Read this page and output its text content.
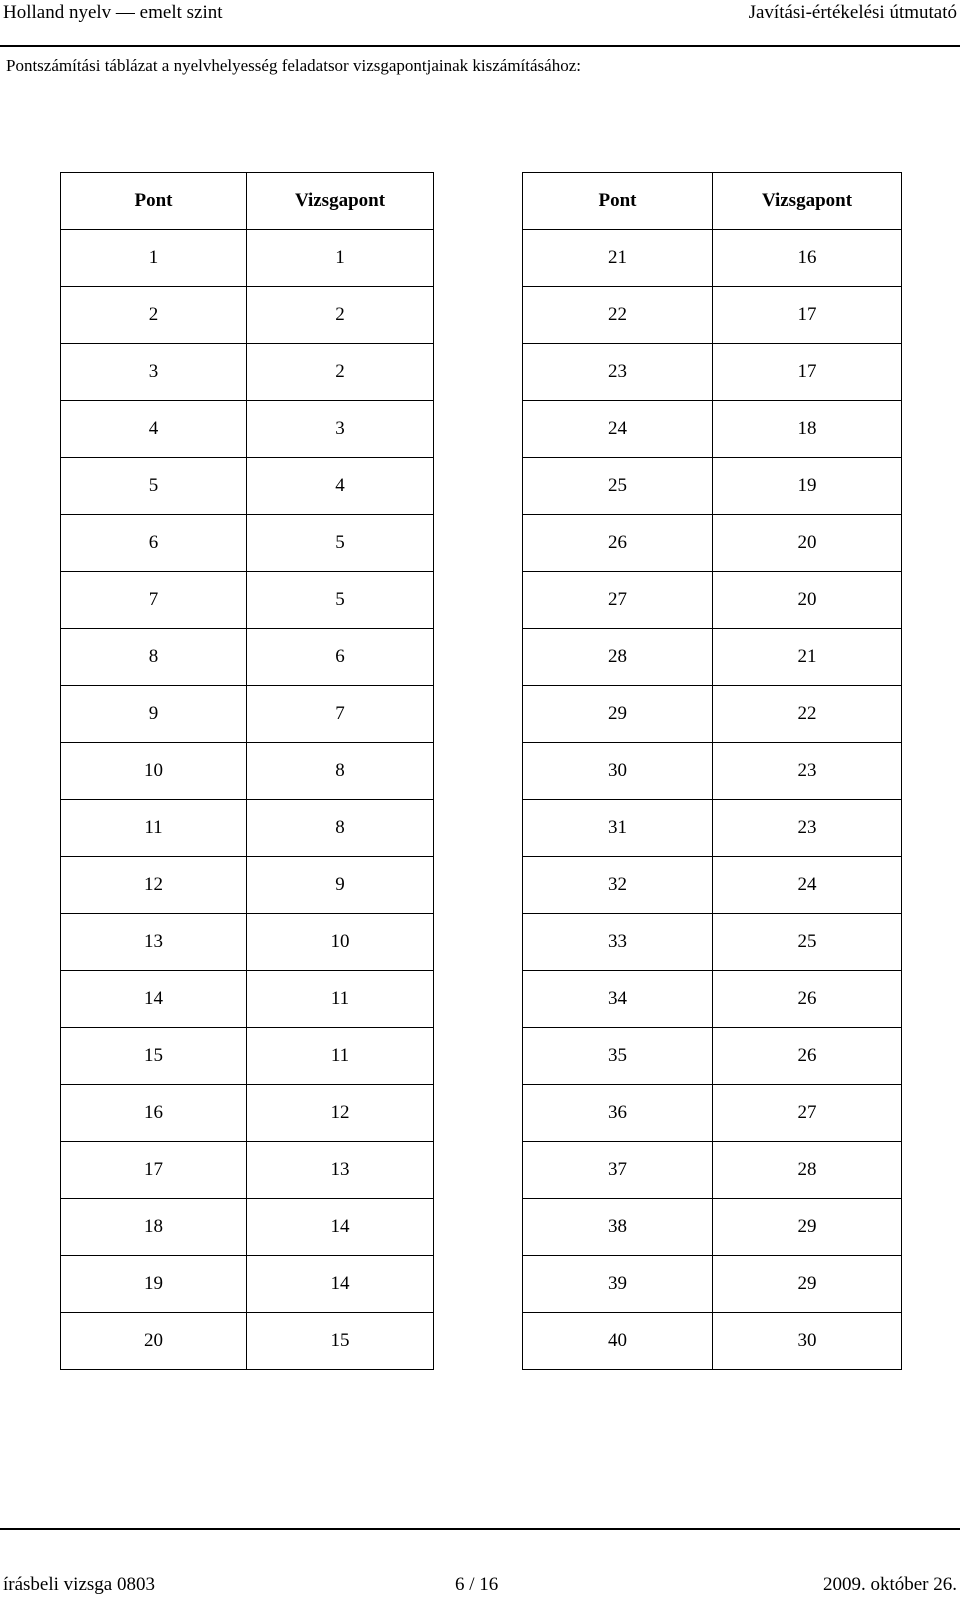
Holland nyelv — emelt szint	Javítási-értékelési útmutató
Pontszámítási táblázat a nyelvhelyesség feladatsor vizsgapontjainak kiszámításához:
Pont	Vizsgapont
1	1
2	2
3	2
4	3
5	4
6	5
7	5
8	6
9	7
10	8
11	8
12	9
13	10
14	11
15	11
16	12
17	13
18	14
19	14
20	15
Pont	Vizsgapont
21	16
22	17
23	17
24	18
25	19
26	20
27	20
28	21
29	22
30	23
31	23
32	24
33	25
34	26
35	26
36	27
37	28
38	29
39	29
40	30
írásbeli vizsga 0803	6 / 16	2009. október 26.
